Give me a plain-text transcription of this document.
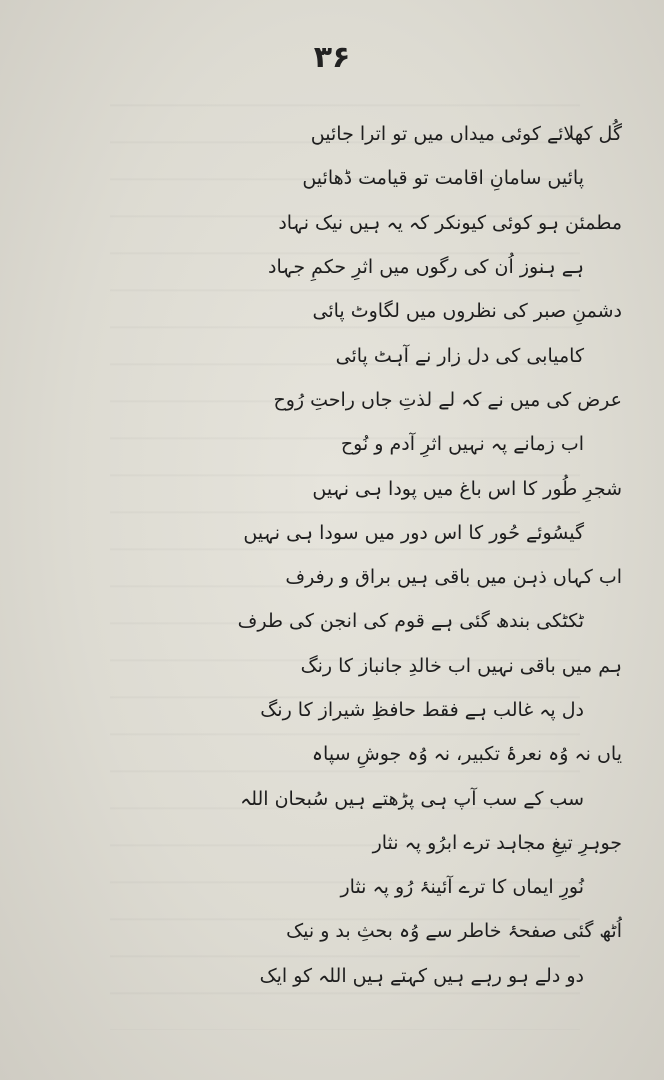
۳۶
گُل کھلائے کوئی میداں میں تو اترا جائیں
پائیں سامانِ اقامت تو قیامت ڈھائیں
مطمئن ہو کوئی کیونکر کہ یہ ہیں نیک نہاد
ہے ہنوز اُن کی رگوں میں اثرِ حکمِ جہاد
دشمنِ صبر کی نظروں میں لگاوٹ پائی
کامیابی کی دل زار نے آہٹ پائی
عرض کی میں نے کہ لے لذتِ جاں راحتِ رُوح
اب زمانے پہ نہیں اثرِ آدم و نُوح
شجرِ طُور کا اس باغ میں پودا ہی نہیں
گیسُوئے حُور کا اس دور میں سودا ہی نہیں
اب کہاں ذہن میں باقی ہیں براق و رفرف
ٹکٹکی بندھ گئی ہے قوم کی انجن کی طرف
ہم میں باقی نہیں اب خالدِ جانباز کا رنگ
دل پہ غالب ہے فقط حافظِ شیراز کا رنگ
یاں نہ وُہ نعرۂ تکبیر، نہ وُہ جوشِ سپاہ
سب کے سب آپ ہی پڑھتے ہیں سُبحان اللہ
جوہرِ تیغِ مجاہد ترے ابرُو پہ نثار
نُورِ ایماں کا ترے آئینۂ رُو پہ نثار
اُٹھ گئی صفحۂ خاطر سے وُہ بحثِ بد و نیک
دو دلے ہو رہے ہیں کہتے ہیں اللہ کو ایک
